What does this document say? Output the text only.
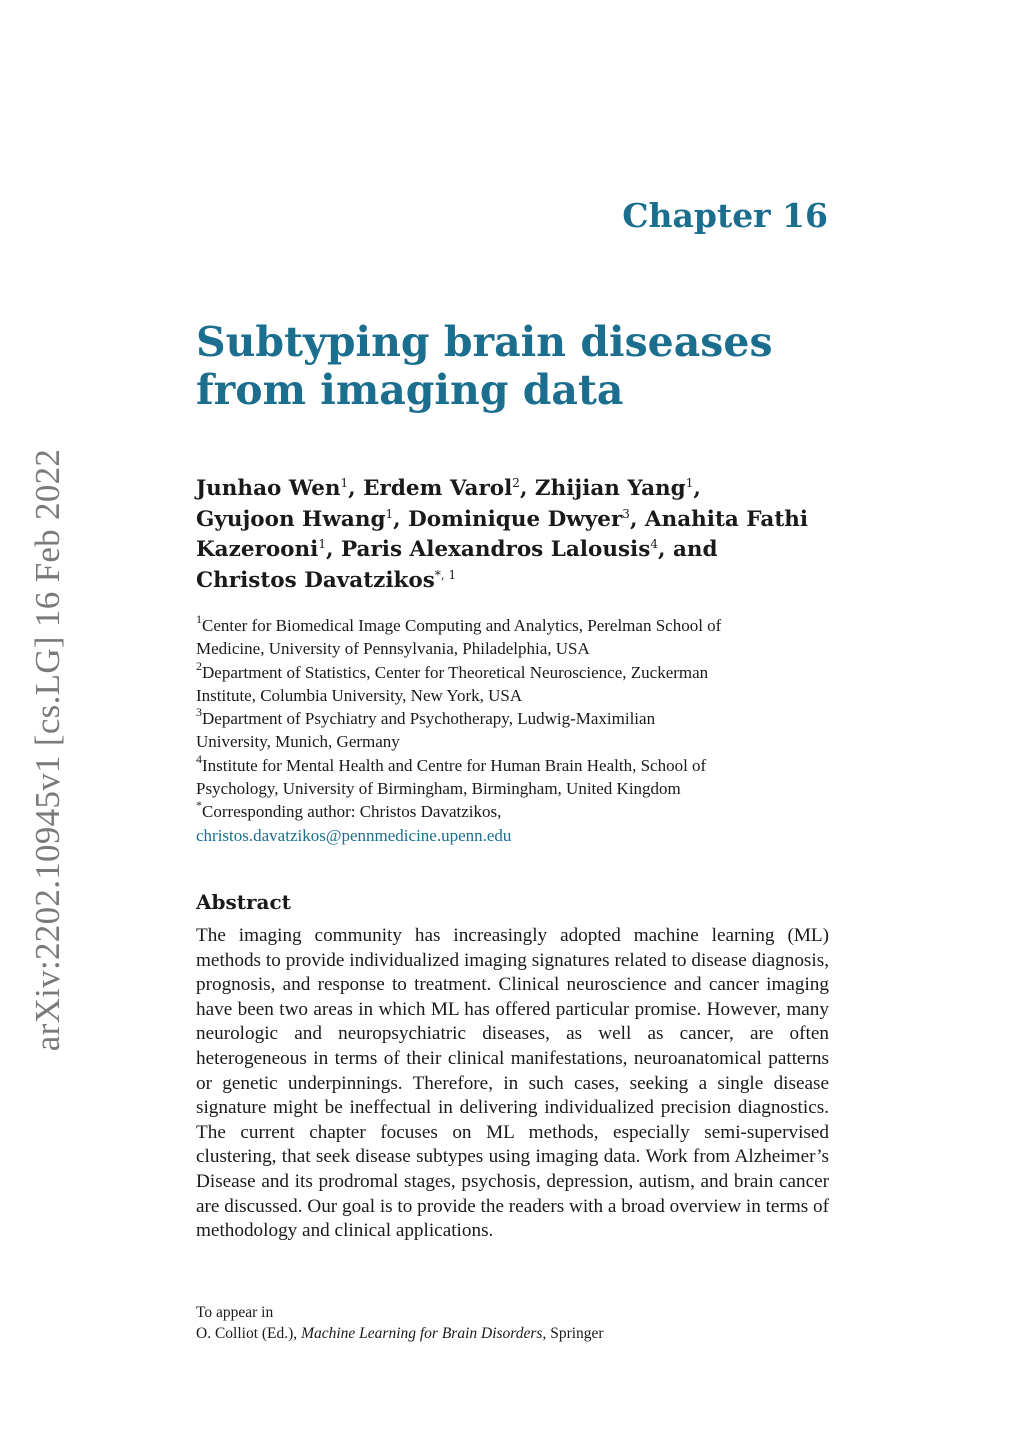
arXiv:2202.10945v1 [cs.LG] 16 Feb 2022
Chapter 16
Subtyping brain diseases from imaging data
Junhao Wen$^1$, Erdem Varol$^2$, Zhijian Yang$^1$,
Gyujoon Hwang$^1$, Dominique Dwyer$^3$, Anahita Fathi Kazerooni$^1$, Paris Alexandros Lalousis$^4$, and
Christos Davatzikos$^{*, 1}$
$^1$Center for Biomedical Image Computing and Analytics, Perelman School of
Medicine, University of Pennsylvania, Philadelphia, USA
$^2$Department of Statistics, Center for Theoretical Neuroscience, Zuckerman
Institute, Columbia University, New York, USA
$^3$Department of Psychiatry and Psychotherapy, Ludwig-Maximilian
University, Munich, Germany
$^4$Institute for Mental Health and Centre for Human Brain Health, School of
Psychology, University of Birmingham, Birmingham, United Kingdom
*Corresponding author: Christos Davatzikos,
christos.davatzikos@pennmedicine.upenn.edu
Abstract

The imaging community has increasingly adopted machine learning (ML) methods to provide individualized imaging signatures related to disease diagnosis, prognosis, and response to treatment. Clinical neuroscience and cancer imaging have been two areas in which ML has offered particular promise. However, many neurologic and neuropsychiatric diseases, as well as cancer, are often heterogeneous in terms of their clinical manifestations, neuroanatomical patterns or genetic underpinnings. Therefore, in such cases, seeking a single disease signature might be ineffectual in delivering individualized precision diagnostics. The current chapter focuses on ML methods, especially semi-supervised clustering, that seek disease subtypes using imaging data. Work from Alzheimer’s Disease and its prodromal stages, psychosis, depression, autism, and brain cancer are discussed. Our goal is to provide the readers with a broad overview in terms of methodology and clinical applications.

To appear in
O. Colliot (Ed.), Machine Learning for Brain Disorders, Springer
